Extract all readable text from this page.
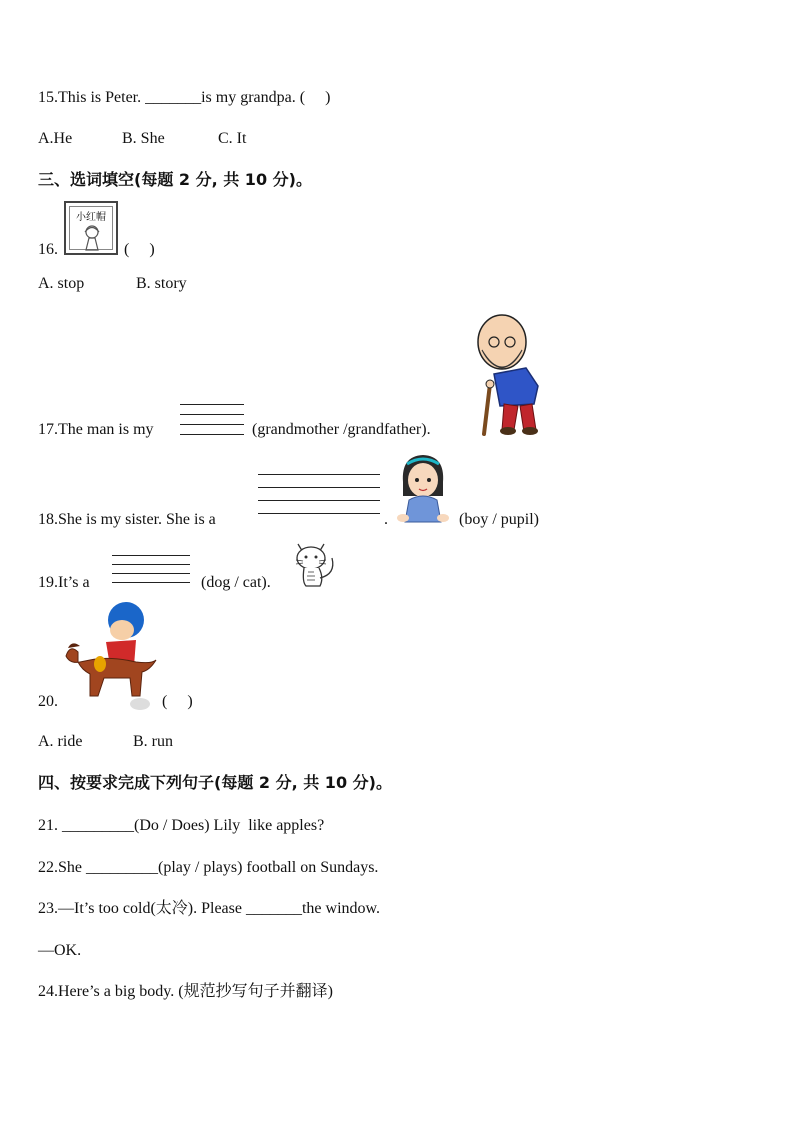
15.This is Peter. _______is my grandpa. (     )
A.He	B. She	C. It
三、选词填空(每题 2 分, 共 10 分)。
16.
小红帽
(     )
A. stop	B. story
17.The man is my	(grandmother /grandfather).
18.She is my sister. She is a	.	(boy / pupil)
19.It’s a	(dog / cat).
20.	(     )
A. ride	B. run
四、按要求完成下列句子(每题 2 分, 共 10 分)。
21. _________(Do / Does) Lily  like apples?
22.She _________(play / plays) football on Sundays.
23.—It’s too cold(太冷). Please _______the window.
—OK.
24.Here’s a big body. (规范抄写句子并翻译)
